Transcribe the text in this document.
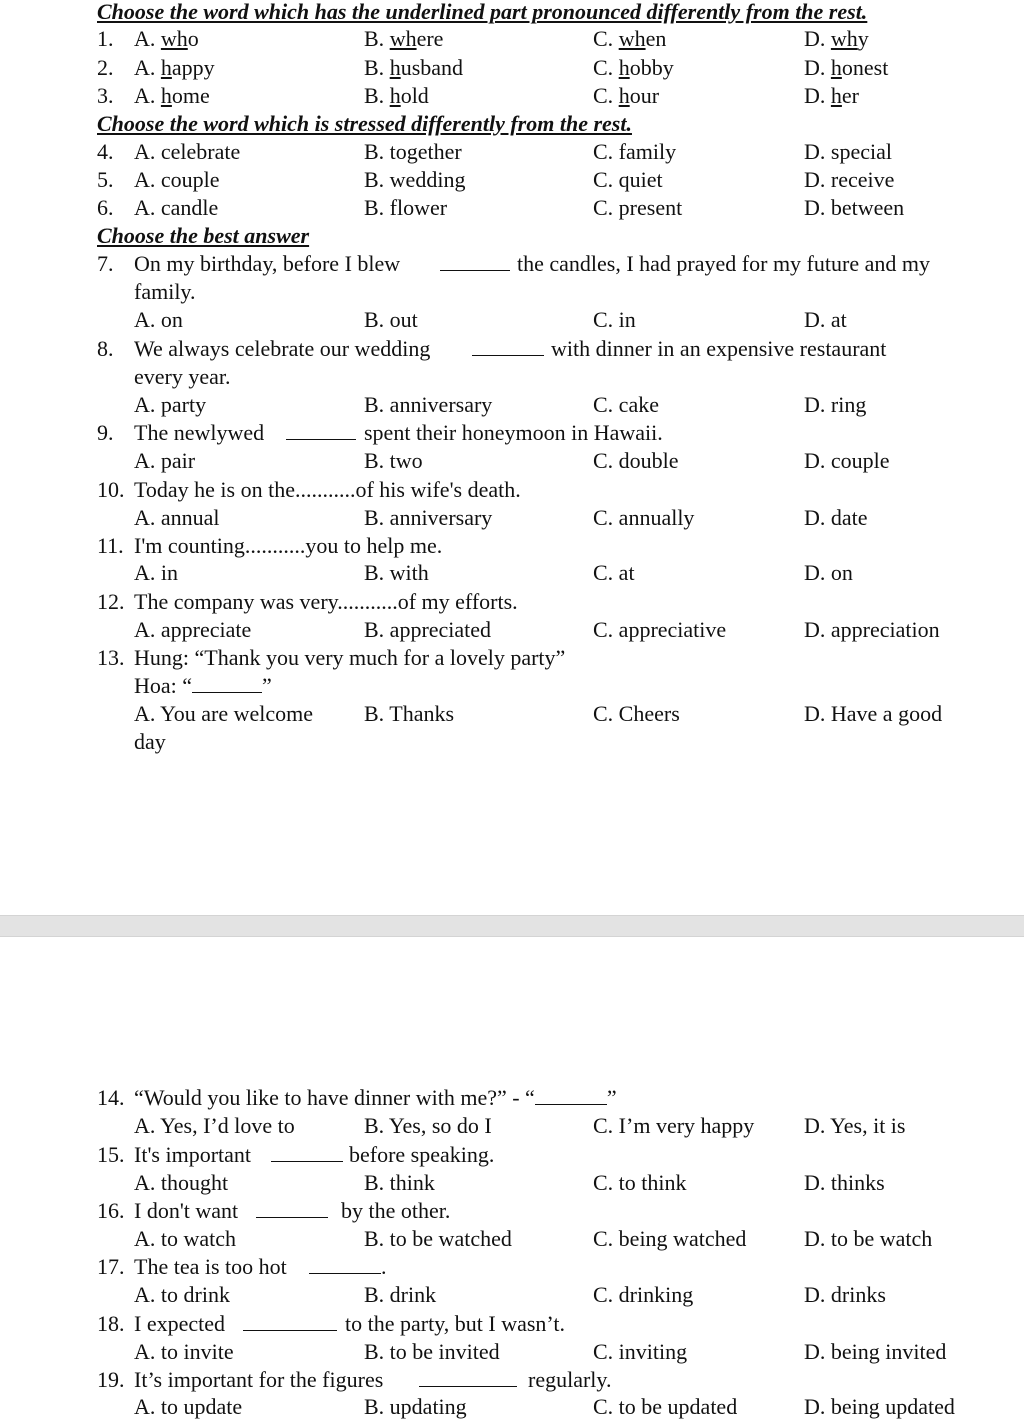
Choose the word which has the underlined part pronounced differently from the rest.
1. A. who	B. where	C. when	D. why
2. A. happy	B. husband	C. hobby	D. honest
3. A. home	B. hold	C. hour	D. her
Choose the word which is stressed differently from the rest.
4. A. celebrate	B. together	C. family	D. special
5. A. couple	B. wedding	C. quiet	D. receive
6. A. candle	B. flower	C. present	D. between
Choose the best answer
7. On my birthday, before I blew	the candles, I had prayed for my future and my
family.
A. on	B. out	C. in	D. at
8. We always celebrate our wedding	with dinner in an expensive restaurant
every year.
A. party	B. anniversary	C. cake	D. ring
9. The newlywed	spent their honeymoon in Hawaii.
A. pair	B. two	C. double	D. couple
10. Today he is on the...........of his wife's death.
A. annual	B. anniversary	C. annually	D. date
11. I'm counting...........you to help me.
A. in	B. with	C. at	D. on
12. The company was very...........of my efforts.
A. appreciate	B. appreciated	C. appreciative	D. appreciation
13. Hung: “Thank you very much for a lovely party”
Hoa: “	”
A. You are welcome B. Thanks	C. Cheers	D. Have a good
day
14. “Would you like to have dinner with me?” - “	”
A. Yes, I’d love to	B. Yes, so do I	C. I’m very happy D. Yes, it is
15. It's important	before speaking.
A. thought	B. think	C. to think	D. thinks
16. I don't want	by the other.
A. to watch	B. to be watched	C. being watched	D. to be watch
17. The tea is too hot	.
A. to drink	B. drink	C. drinking	D. drinks
18. I expected	to the party, but I wasn’t.
A. to invite	B. to be invited	C. inviting	D. being invited
19. It’s important for the figures	regularly.
A. to update	B. updating	C. to be updated	D. being updated
